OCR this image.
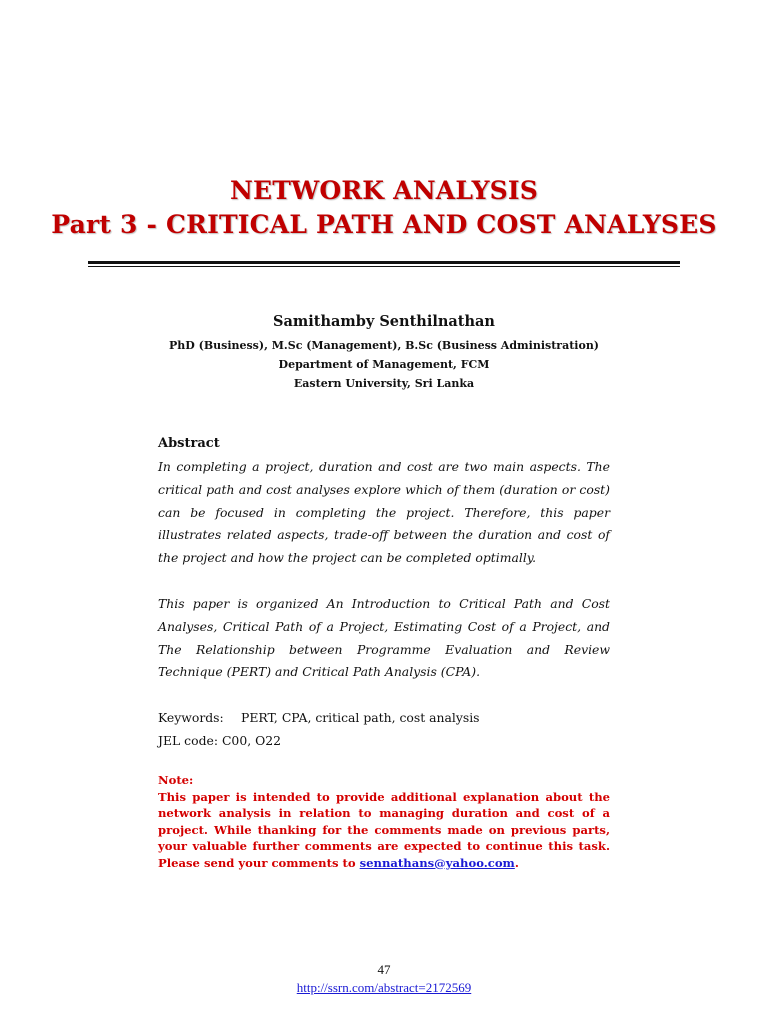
NETWORK ANALYSIS
Part 3 - CRITICAL PATH AND COST ANALYSES
Samithamby Senthilnathan
PhD (Business), M.Sc (Management), B.Sc (Business Administration)
Department of Management, FCM
Eastern University, Sri Lanka
Abstract

In completing a project, duration and cost are two main aspects. The critical path and cost analyses explore which of them (duration or cost) can be focused in completing the project. Therefore, this paper illustrates related aspects, trade-off between the duration and cost of the project and how the project can be completed optimally.

This paper is organized An Introduction to Critical Path and Cost Analyses, Critical Path of a Project, Estimating Cost of a Project, and The Relationship between Programme Evaluation and Review Technique (PERT) and Critical Path Analysis (CPA).

Keywords: PERT, CPA, critical path, cost analysis
JEL code: C00, O22

Note:

This paper is intended to provide additional explanation about the network analysis in relation to managing duration and cost of a project. While thanking for the comments made on previous parts, your valuable further comments are expected to continue this task. Please send your comments to sennathans@yahoo.com.

47
http://ssrn.com/abstract=2172569
